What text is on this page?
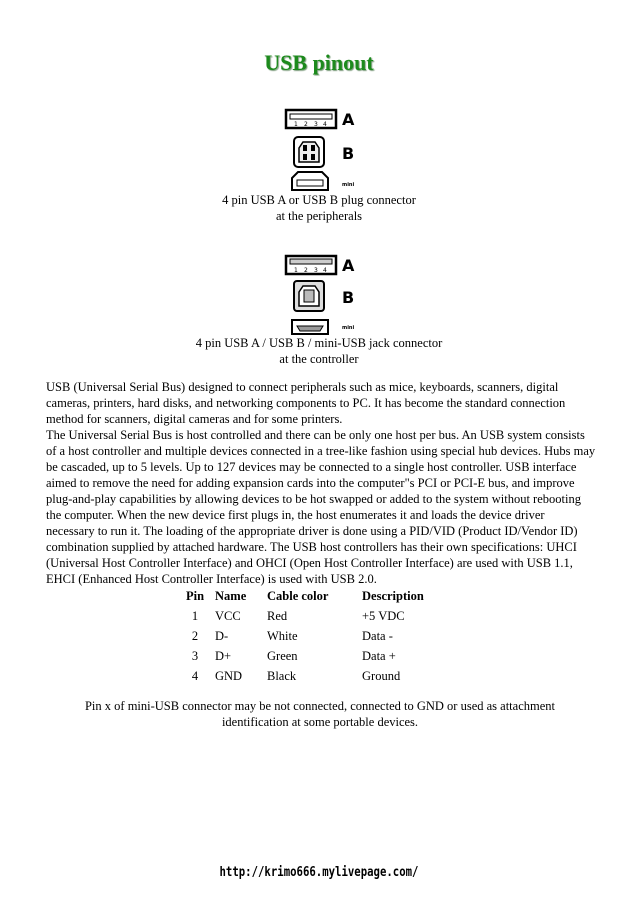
USB pinout
1 2 3 4 A
B
mini
4 pin USB A or USB B plug connector
at the peripherals
1 2 3 4 A
B
mini
4 pin USB A / USB B / mini-USB jack connector
at the controller

USB (Universal Serial Bus) designed to connect peripherals such as mice, keyboards, scanners, digital cameras, printers, hard disks, and networking components to PC. It has become the standard connection method for scanners, digital cameras and for some printers.

The Universal Serial Bus is host controlled and there can be only one host per bus. An USB system consists of a host controller and multiple devices connected in a tree-like fashion using special hub devices. Hubs may be cascaded, up to 5 levels. Up to 127 devices may be connected to a single host controller. USB interface aimed to remove the need for adding expansion cards into the computer"s PCI or PCI-E bus, and improve plug-and-play capabilities by allowing devices to be hot swapped or added to the system without rebooting the computer. When the new device first plugs in, the host enumerates it and loads the device driver necessary to run it. The loading of the appropriate driver is done using a PID/VID (Product ID/Vendor ID) combination supplied by attached hardware. The USB host controllers has their own specifications: UHCI (Universal Host Controller Interface) and OHCI (Open Host Controller Interface) are used with USB 1.1, EHCI (Enhanced Host Controller Interface) is used with USB 2.0.

Pin	Name	Cable color	Description
1	VCC	Red	+5 VDC
2	D-	White	Data -
3	D+	Green	Data +
4	GND	Black	Ground
Pin x of mini-USB connector may be not connected, connected to GND or used as attachment identification at some portable devices.
http://krimo666.mylivepage.com/
